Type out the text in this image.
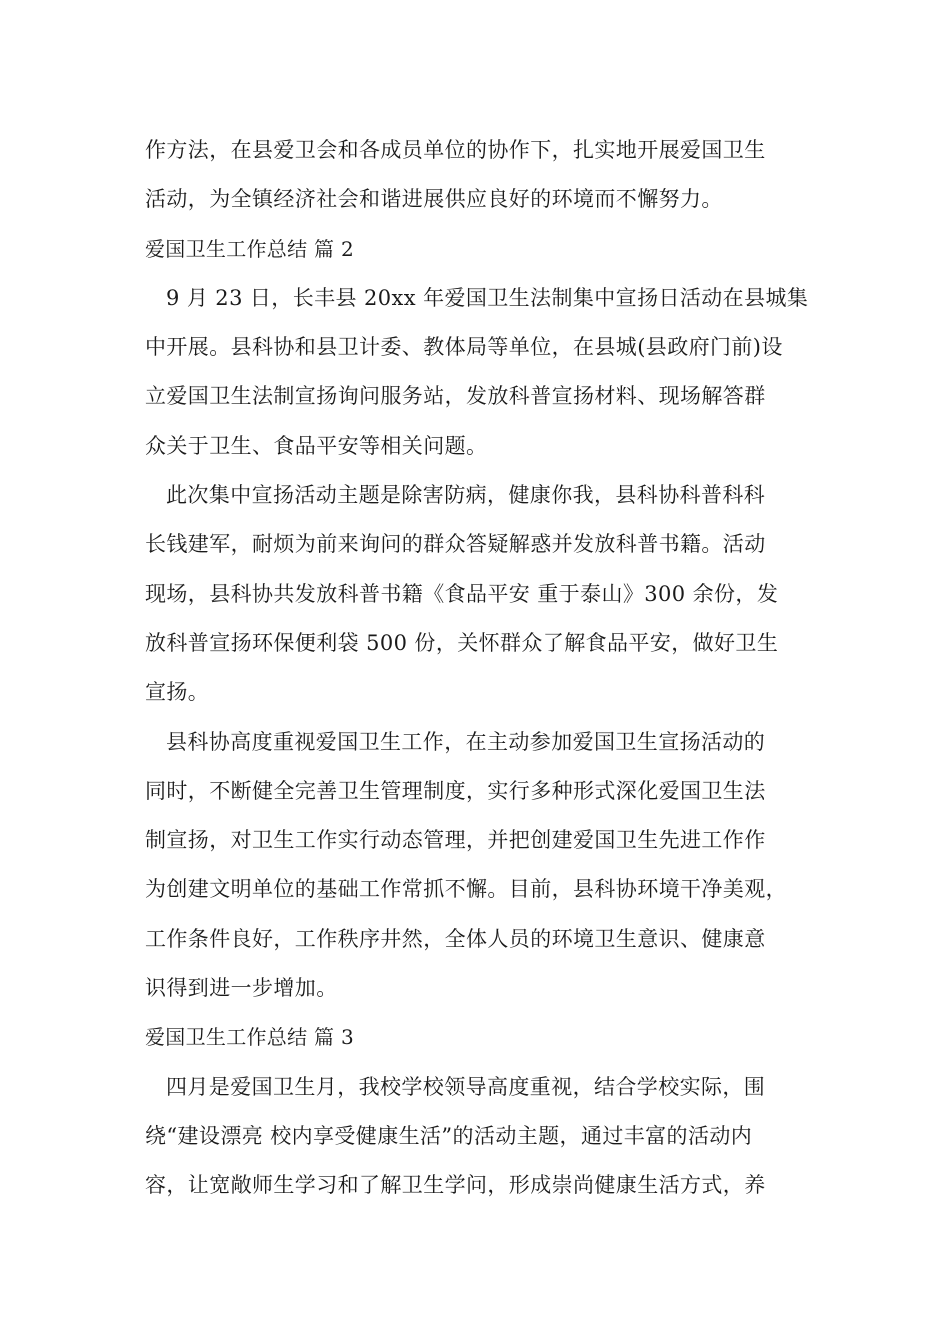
作方法，在县爱卫会和各成员单位的协作下，扎实地开展爱国卫生
活动，为全镇经济社会和谐进展供应良好的环境而不懈努力。
爱国卫生工作总结 篇 2
9 月 23 日，长丰县 20xx 年爱国卫生法制集中宣扬日活动在县城集
中开展。县科协和县卫计委、教体局等单位，在县城(县政府门前)设
立爱国卫生法制宣扬询问服务站，发放科普宣扬材料、现场解答群
众关于卫生、食品平安等相关问题。
此次集中宣扬活动主题是除害防病，健康你我，县科协科普科科
长钱建军，耐烦为前来询问的群众答疑解惑并发放科普书籍。活动
现场，县科协共发放科普书籍《食品平安 重于泰山》300 余份，发
放科普宣扬环保便利袋 500 份，关怀群众了解食品平安，做好卫生
宣扬。
县科协高度重视爱国卫生工作，在主动参加爱国卫生宣扬活动的
同时，不断健全完善卫生管理制度，实行多种形式深化爱国卫生法
制宣扬，对卫生工作实行动态管理，并把创建爱国卫生先进工作作
为创建文明单位的基础工作常抓不懈。目前，县科协环境干净美观，
工作条件良好，工作秩序井然，全体人员的环境卫生意识、健康意
识得到进一步增加。
爱国卫生工作总结 篇 3
四月是爱国卫生月，我校学校领导高度重视，结合学校实际，围
绕“建设漂亮 校内享受健康生活”的活动主题，通过丰富的活动内
容，让宽敞师生学习和了解卫生学问，形成崇尚健康生活方式，养
